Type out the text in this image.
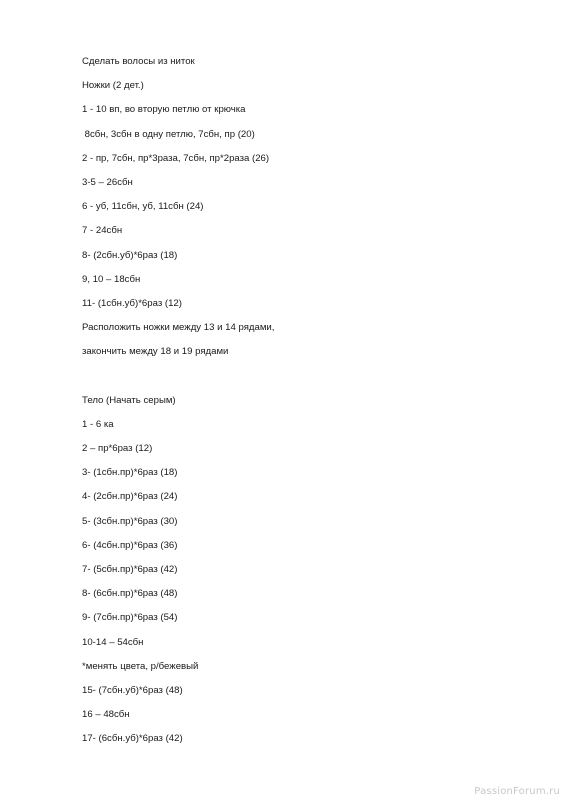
Сделать волосы из ниток
Ножки (2 дет.)
1 - 10 вп, во вторую петлю от крючка
8сбн, 3сбн в одну петлю, 7сбн, пр (20)
2 - пр, 7сбн, пр*3раза, 7сбн, пр*2раза (26)
3-5 – 26сбн
6 - уб, 11сбн, уб, 11сбн (24)
7 - 24сбн
8- (2сбн.уб)*6раз (18)
9, 10 – 18сбн
11- (1сбн.уб)*6раз (12)
Расположить ножки между 13 и 14 рядами,
закончить между 18 и 19 рядами
Тело (Начать серым)
1 - 6 ка
2 – пр*6раз (12)
3- (1сбн.пр)*6раз (18)
4- (2сбн.пр)*6раз (24)
5- (3сбн.пр)*6раз (30)
6- (4сбн.пр)*6раз (36)
7- (5сбн.пр)*6раз (42)
8- (6сбн.пр)*6раз (48)
9- (7сбн.пр)*6раз (54)
10-14 – 54сбн
*менять цвета, р/бежевый
15- (7сбн.уб)*6раз (48)
16 – 48сбн
17- (6сбн.уб)*6раз (42)
PassionForum.ru
